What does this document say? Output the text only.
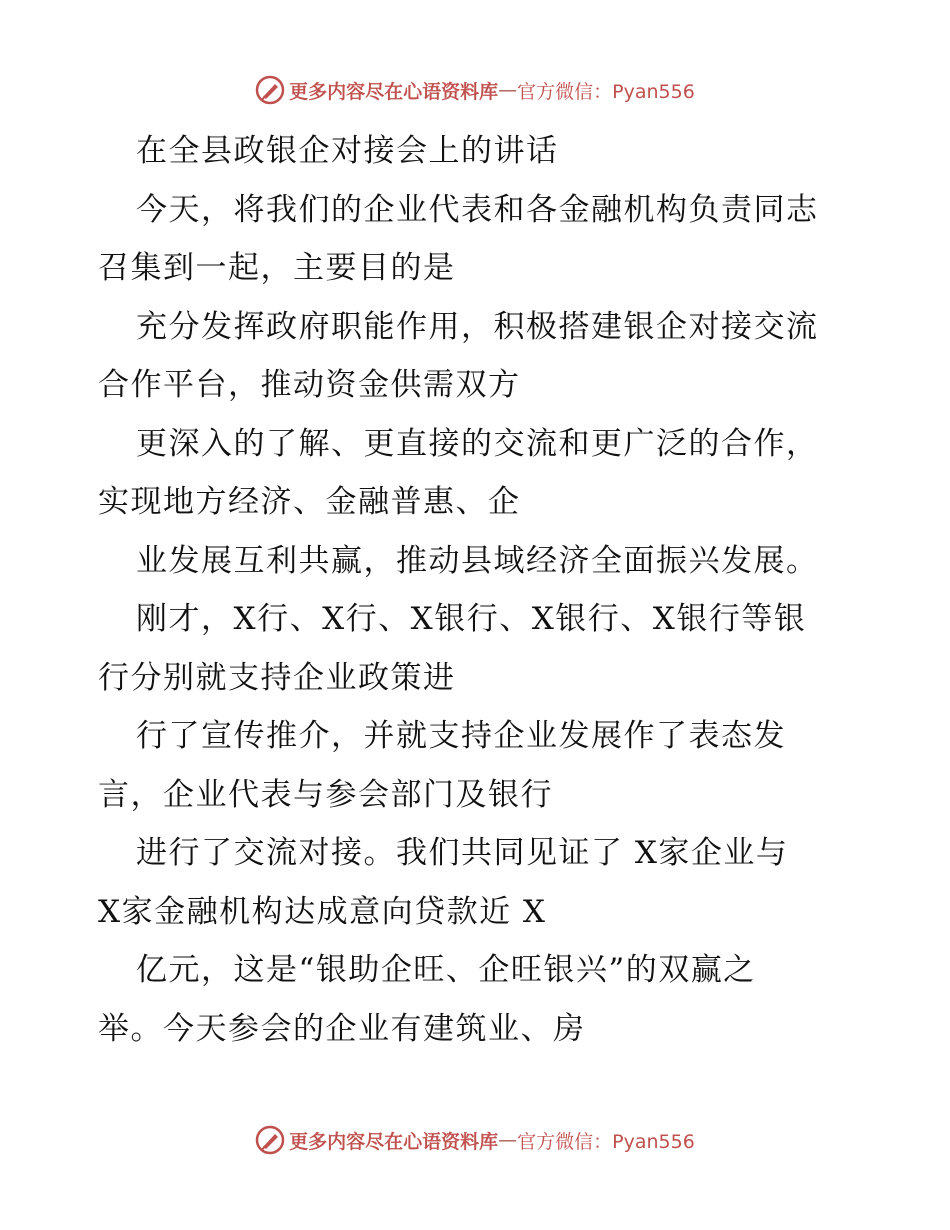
更多内容尽在心语资料库 — 官方微信：Pyan556
在全县政银企对接会上的讲话
今天，将我们的企业代表和各金融机构负责同志
召集到一起，主要目的是
充分发挥政府职能作用，积极搭建银企对接交流
合作平台，推动资金供需双方
更深入的了解、更直接的交流和更广泛的合作，
实现地方经济、金融普惠、企
业发展互利共赢，推动县域经济全面振兴发展。
刚才，X行、X行、X银行、X银行、X银行等银
行分别就支持企业政策进
行了宣传推介，并就支持企业发展作了表态发
言，企业代表与参会部门及银行
进行了交流对接。我们共同见证了 X家企业与
X家金融机构达成意向贷款近 X
亿元，这是“银助企旺、企旺银兴”的双赢之
举。今天参会的企业有建筑业、房
更多内容尽在心语资料库 — 官方微信：Pyan556
